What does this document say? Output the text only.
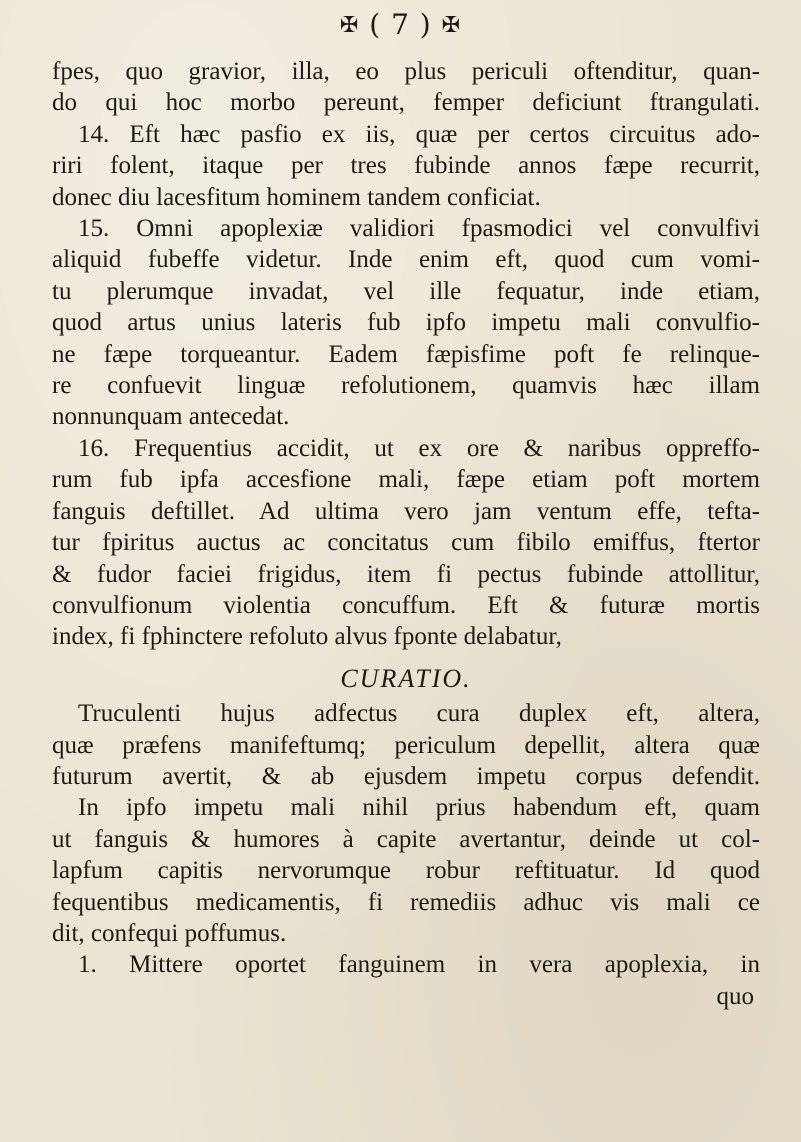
✠ ( 7 ) ✠
fpes, quo gravior, illa, eo plus periculi oftenditur, quan-
do qui hoc morbo pereunt, femper deficiunt ftrangulati.
14. Eft hæc pasfio ex iis, quæ per certos circuitus ado-
riri folent, itaque per tres fubinde annos fæpe recurrit,
donec diu lacesfitum hominem tandem conficiat.
15. Omni apoplexiæ validiori fpasmodici vel convulfivi
aliquid fubeffe videtur. Inde enim eft, quod cum vomi-
tu plerumque invadat, vel ille fequatur, inde etiam,
quod artus unius lateris fub ipfo impetu mali convulfio-
ne fæpe torqueantur. Eadem fæpisfime poft fe relinque-
re confuevit linguæ refolutionem, quamvis hæc illam
nonnunquam antecedat.
16. Frequentius accidit, ut ex ore & naribus oppreffo-
rum fub ipfa accesfione mali, fæpe etiam poft mortem
fanguis deftillet. Ad ultima vero jam ventum effe, tefta-
tur fpiritus auctus ac concitatus cum fibilo emiffus, ftertor
& fudor faciei frigidus, item fi pectus fubinde attollitur,
convulfionum violentia concuffum. Eft & futuræ mortis
index, fi fphinctere refoluto alvus fponte delabatur,
CURATIO.
Truculenti hujus adfectus cura duplex eft, altera,
quæ præfens manifeftumq; periculum depellit, altera quæ
futurum avertit, & ab ejusdem impetu corpus defendit.
In ipfo impetu mali nihil prius habendum eft, quam
ut fanguis & humores à capite avertantur, deinde ut col-
lapfum capitis nervorumque robur reftituatur. Id quod
fequentibus medicamentis, fi remediis adhuc vis mali ce
dit, confequi poffumus.
1. Mittere oportet fanguinem in vera apoplexia, in
quo
